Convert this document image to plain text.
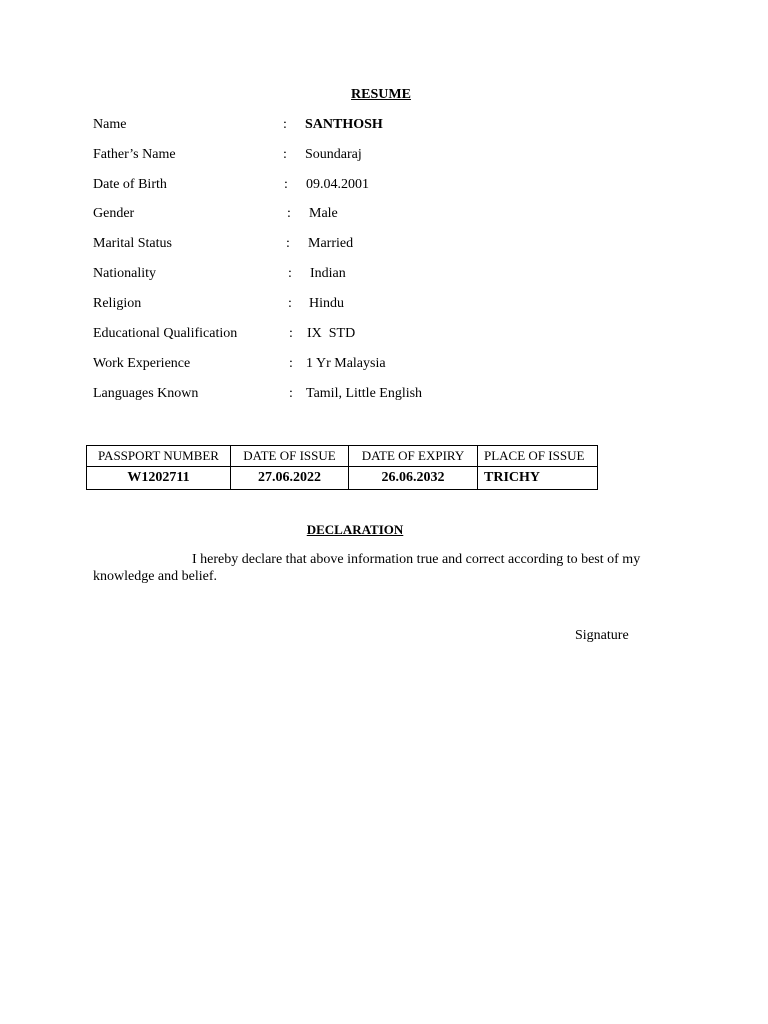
RESUME
Name	: SANTHOSH
Father’s Name	: Soundaraj
Date of Birth	: 09.04.2001
Gender	: Male
Marital Status	: Married
Nationality	: Indian
Religion	: Hindu
Educational Qualification	: IX  STD
Work Experience	: 1 Yr Malaysia
Languages Known	: Tamil, Little English
PASSPORT NUMBER	DATE OF ISSUE	DATE OF EXPIRY	PLACE OF ISSUE
W1202711	27.06.2022	26.06.2032	TRICHY
DECLARATION
I hereby declare that above information true and correct according to best of my knowledge and belief.
Signature
